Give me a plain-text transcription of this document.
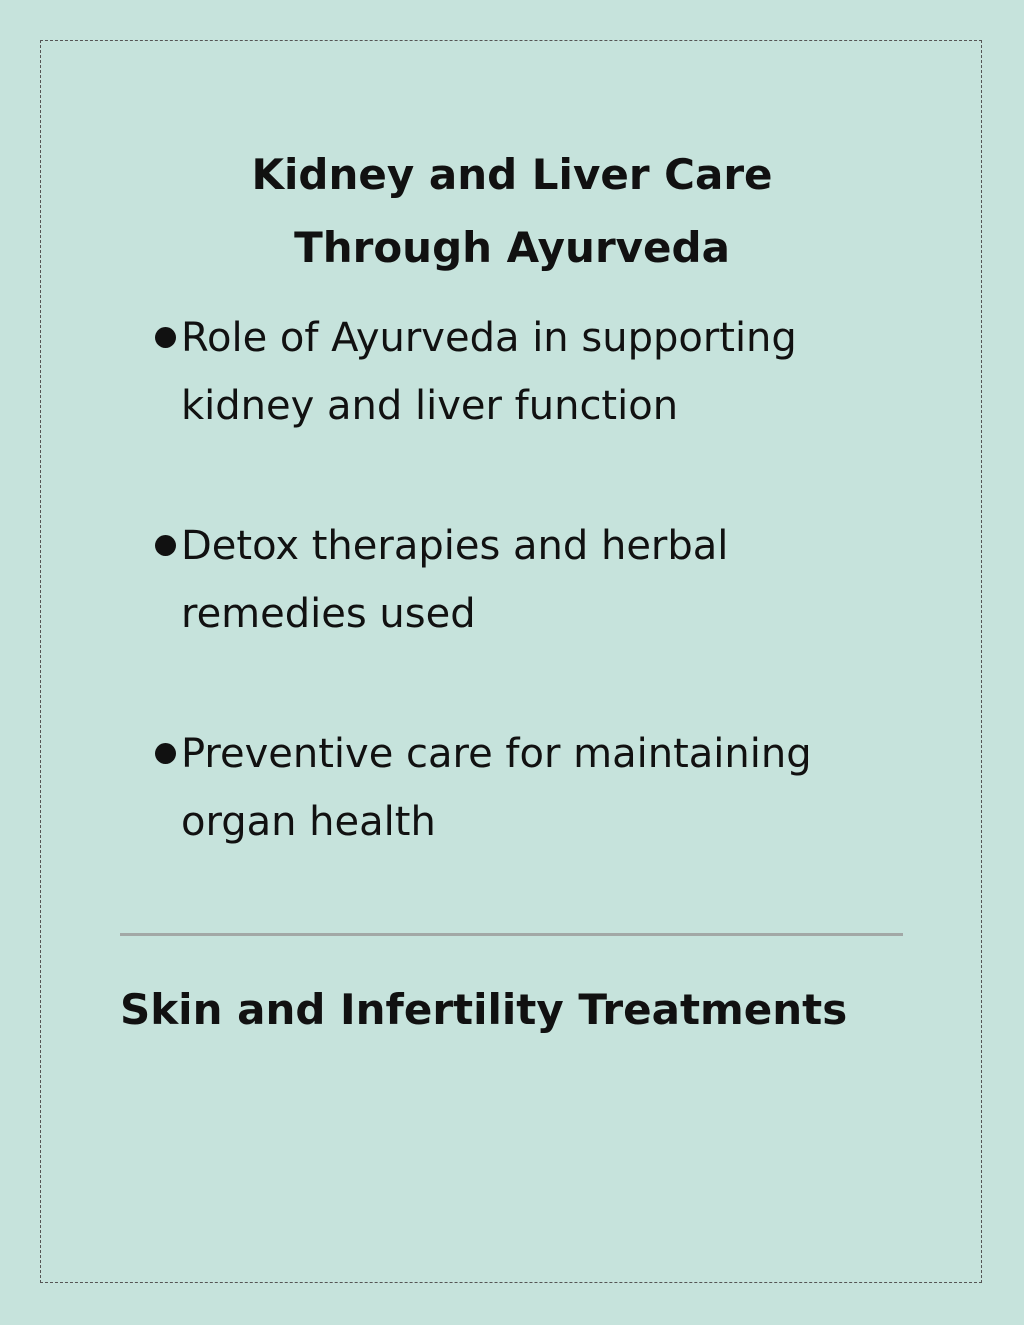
Kidney and Liver Care Through Ayurveda
Role of Ayurveda in supporting kidney and liver function
Detox therapies and herbal remedies used
Preventive care for maintaining organ health
Skin and Infertility Treatments
